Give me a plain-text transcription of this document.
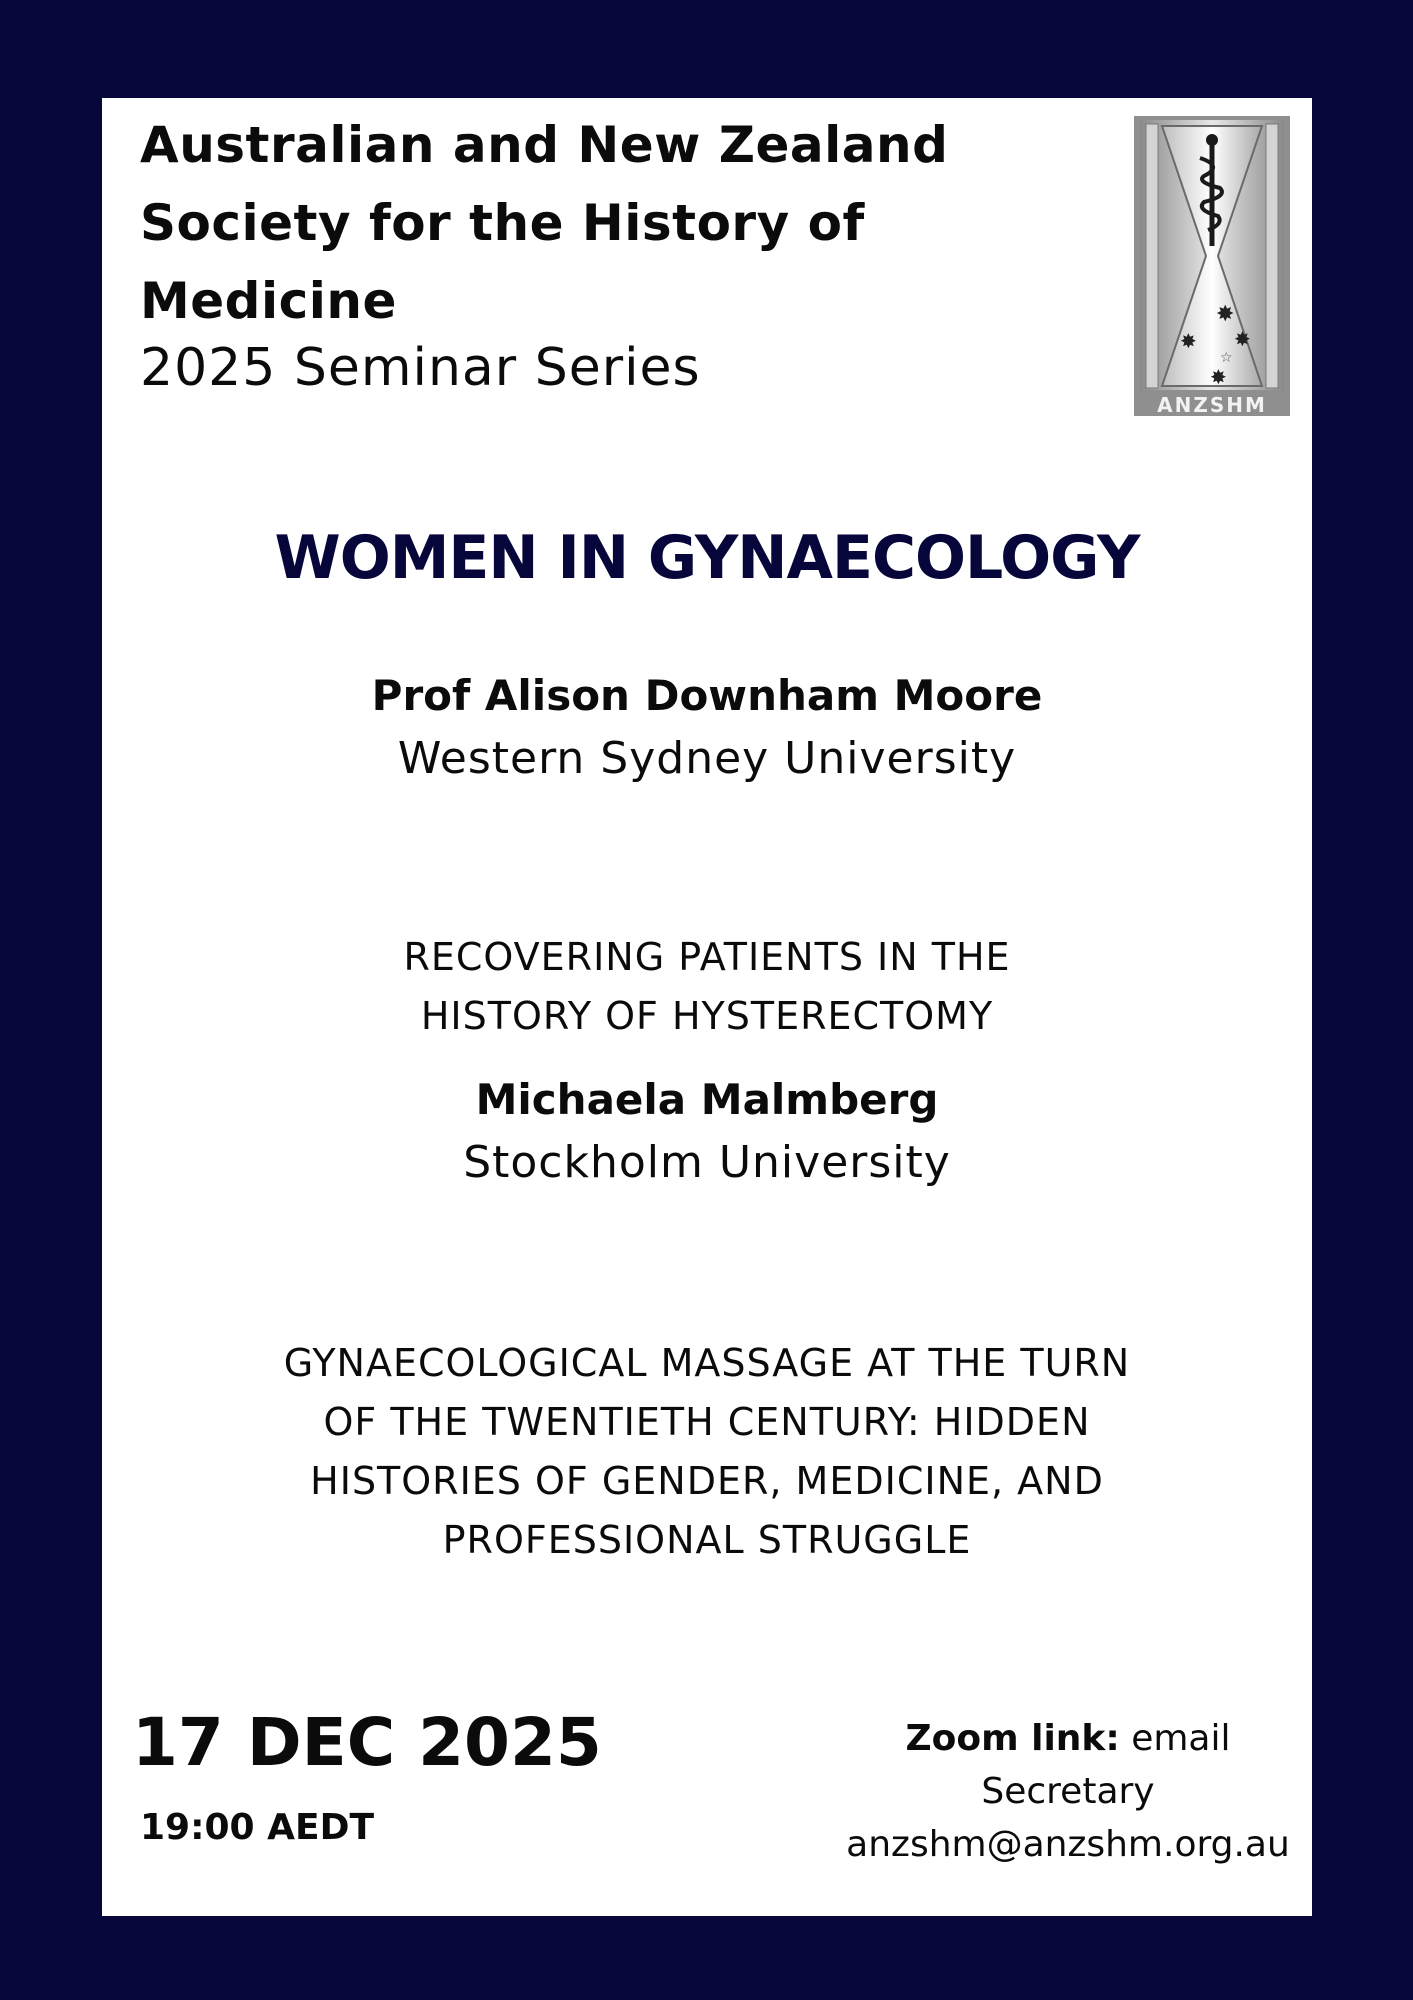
Australian and New Zealand
Society for the History of
Medicine
2025 Seminar Series
✸
✸ ✸
☆
✸
ANZSHM
WOMEN IN GYNAECOLOGY
Prof Alison Downham Moore
Western Sydney University
RECOVERING PATIENTS IN THE
HISTORY OF HYSTERECTOMY
Michaela Malmberg
Stockholm University
GYNAECOLOGICAL MASSAGE AT THE TURN
OF THE TWENTIETH CENTURY: HIDDEN
HISTORIES OF GENDER, MEDICINE, AND
PROFESSIONAL STRUGGLE
17 DEC 2025
19:00 AEDT
Zoom link: email
Secretary
anzshm@anzshm.org.au
